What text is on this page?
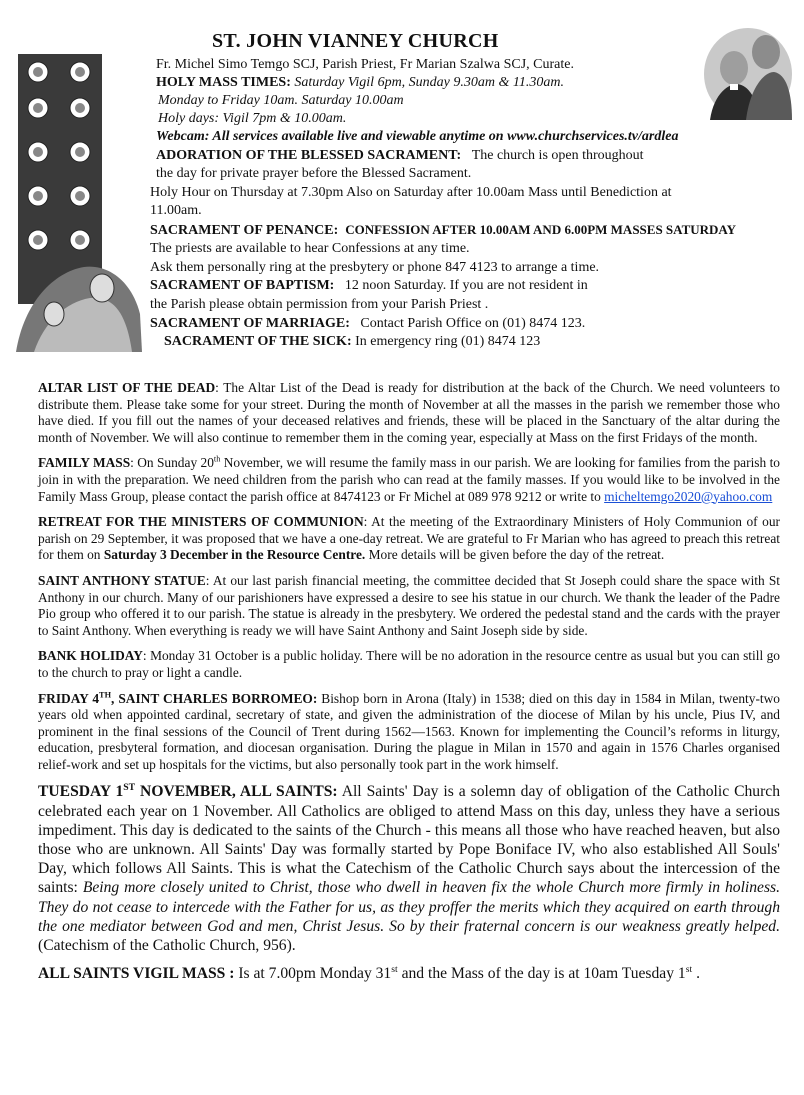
ST. JOHN VIANNEY CHURCH
Fr. Michel Simo Temgo SCJ, Parish Priest, Fr Marian Szalwa SCJ, Curate.
HOLY MASS TIMES: Saturday Vigil 6pm, Sunday 9.30am & 11.30am.
Monday to Friday 10am. Saturday 10.00am
Holy days: Vigil 7pm & 10.00am.
Webcam: All services available live and viewable anytime on www.churchservices.tv/ardlea
ADORATION OF THE BLESSED SACRAMENT: The church is open throughout
the day for private prayer before the Blessed Sacrament.
Holy Hour on Thursday at 7.30pm Also on Saturday after 10.00am Mass until Benediction at
11.00am.
SACRAMENT OF PENANCE: CONFESSION AFTER 10.00AM AND 6.00PM MASSES SATURDAY
The priests are available to hear Confessions at any time.
Ask them personally ring at the presbytery or phone 847 4123 to arrange a time.
SACRAMENT OF BAPTISM: 12 noon Saturday. If you are not resident in
the Parish please obtain permission from your Parish Priest .
SACRAMENT OF MARRIAGE: Contact Parish Office on (01) 8474 123.
SACRAMENT OF THE SICK: In emergency ring (01) 8474 123

ALTAR LIST OF THE DEAD: The Altar List of the Dead is ready for distribution at the back of the Church. We need volunteers to distribute them. Please take some for your street. During the month of November at all the masses in the parish we remember those who have died. If you fill out the names of your deceased relatives and friends, these will be placed in the Sanctuary of the altar during the month of November. We will also continue to remember them in the coming year, especially at Mass on the first Fridays of the month.

FAMILY MASS: On Sunday 20th November, we will resume the family mass in our parish. We are looking for families from the parish to join in with the preparation. We need children from the parish who can read at the family masses. If you would like to be involved in the Family Mass Group, please contact the parish office at 8474123 or Fr Michel at 089 978 9212 or write to micheltemgo2020@yahoo.com

RETREAT FOR THE MINISTERS OF COMMUNION: At the meeting of the Extraordinary Ministers of Holy Communion of our parish on 29 September, it was proposed that we have a one-day retreat. We are grateful to Fr Marian who has agreed to preach this retreat for them on Saturday 3 December in the Resource Centre. More details will be given before the day of the retreat.

SAINT ANTHONY STATUE: At our last parish financial meeting, the committee decided that St Joseph could share the space with St Anthony in our church. Many of our parishioners have expressed a desire to see his statue in our church. We thank the leader of the Padre Pio group who offered it to our parish. The statue is already in the presbytery. We ordered the pedestal stand and the cards with the prayer to Saint Anthony. When everything is ready we will have Saint Anthony and Saint Joseph side by side.

BANK HOLIDAY: Monday 31 October is a public holiday. There will be no adoration in the resource centre as usual but you can still go to the church to pray or light a candle.

FRIDAY 4TH, SAINT CHARLES BORROMEO: Bishop born in Arona (Italy) in 1538; died on this day in 1584 in Milan, twenty-two years old when appointed cardinal, secretary of state, and given the administration of the diocese of Milan by his uncle, Pius IV, and prominent in the final sessions of the Council of Trent during 1562—1563. Known for implementing the Council’s reforms in liturgy, education, presbyteral formation, and diocesan organisation. During the plague in Milan in 1570 and again in 1576 Charles organised relief-work and set up hospitals for the victims, but also personally took part in the work himself.

TUESDAY 1ST NOVEMBER, ALL SAINTS: All Saints' Day is a solemn day of obligation of the Catholic Church celebrated each year on 1 November. All Catholics are obliged to attend Mass on this day, unless they have a serious impediment. This day is dedicated to the saints of the Church - this means all those who have reached heaven, but also those who are unknown. All Saints' Day was formally started by Pope Boniface IV, who also established All Souls' Day, which follows All Saints. This is what the Catechism of the Catholic Church says about the intercession of the saints: Being more closely united to Christ, those who dwell in heaven fix the whole Church more firmly in holiness. They do not cease to intercede with the Father for us, as they proffer the merits which they acquired on earth through the one mediator between God and men, Christ Jesus. So by their fraternal concern is our weakness greatly helped. (Catechism of the Catholic Church, 956).

ALL SAINTS VIGIL MASS : Is at 7.00pm Monday 31st and the Mass of the day is at 10am Tuesday 1st .
